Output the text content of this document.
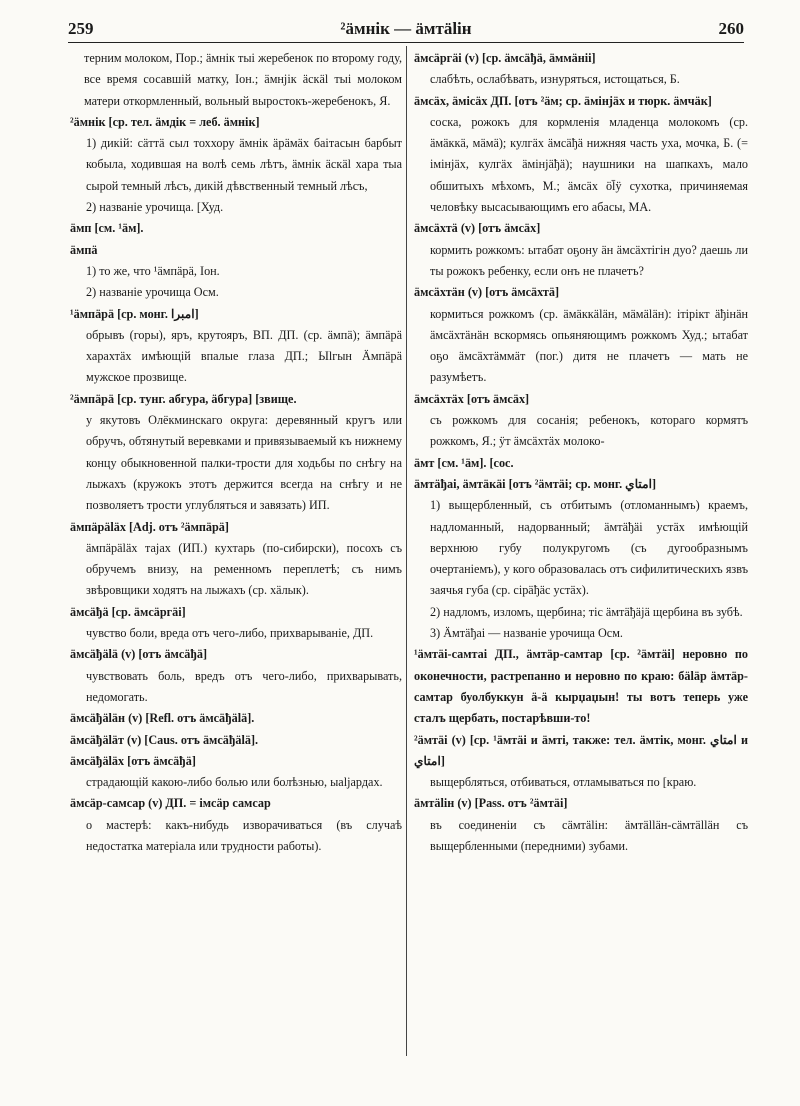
259	²ӓмнік — ӓмтӓlін	260

терним молоком, Пор.; ӓмнік тыі жеребенок по второму году, все время сосавшій матку, Іон.; ӓмнјік ӓскӓl тыі молоком матери откормленный, вольный выростокъ-жеребенокъ, Я.

²ӓмнік [ср. тел. ӓмдік = леб. ӓмнік]

1) дикій: сӓттӓ сыл тоххору ӓмнік ӓрӓмӓх баітасын барбыт кобыла, ходившая на волѣ семь лѣтъ, ӓмнік ӓскӓl хара тыа сырой темный лѣсъ, дикій дѣвственный темный лѣсъ,

2) названіе урочища. [Худ.

ӓмп [см. ¹ӓм].

ӓмпӓ

1) то же, что ¹ӓмпӓрӓ, Іон.

2) названіе урочища Осм.

¹ӓмпӓрӓ [ср. монг. ﺍﻣﺒﺮﺍ]

обрывъ (горы), яръ, крутояръ, ВП. ДП. (ср. ӓмпӓ); ӓмпӓрӓ харахтӓх имѣющій впалые глаза ДП.; Ыlгын Ӓмпӓрӓ мужское прозвище.

²ӓмпӓрӓ [ср. тунг. абгура, ӓбгура] [звище.

у якутовъ Олёкминскаго округа: деревянный кругъ или обручъ, обтянутый веревками и привязываемый къ нижнему концу обыкновенной палки-трости для ходьбы по снѣгу на лыжахъ (кружокъ этотъ держится всегда на снѣгу и не позволяетъ трости углубляться и завязать) ИП.

ӓмпӓрӓlӓх [Adj. отъ ²ӓмпӓрӓ]

ӓмпӓрӓlӓх тајах (ИП.) кухтарь (по-сибирски), посохъ съ обручемъ внизу, на ременномъ переплетѣ; съ нимъ звѣровщики ходятъ на лыжахъ (ср. хӓлык).

ӓмсӓђӓ [ср. ӓмсӓргӓі]

чувство боли, вреда отъ чего-либо, прихварываніе, ДП.

ӓмсӓђӓlӓ (v) [отъ ӓмсӓђӓ]

чувствовать боль, вредъ отъ чего-либо, прихварывать, недомогать.

ӓмсӓђӓlӓн (v) [Refl. отъ ӓмсӓђӓlӓ].

ӓмсӓђӓlӓт (v) [Caus. отъ ӓмсӓђӓlӓ].

ӓмсӓђӓlӓх [отъ ӓмсӓђӓ]

страдающій какою-либо болью или болѣзнью, ыаlјардах.

ӓмсӓр-самсар (v) ДП. = імсӓр самсар

о мастерѣ: какъ-нибудь изворачиваться (въ случаѣ недостатка матеріала или трудности работы).

ӓмсӓргӓі (v) [ср. ӓмсӓђӓ, ӓммӓніі]

слабѣть, ослабѣвать, изнуряться, истощаться, Б.

ӓмсӓх, ӓмісӓх ДП. [отъ ²ӓм; ср. ӓмінјӓх и тюрк. ӓмчӓк]

соска, рожокъ для кормленія младенца молокомъ (ср. ӓмӓккӓ, мӓмӓ); кулгӓх ӓмсӓђӓ нижняя часть уха, мочка, Б. (= імінјӓх, кулгӓх ӓмінјӓђӓ); наушники на шапкахъ, мало обшитыхъ мѣхомъ, М.; ӓмсӓх öl̄ӱ сухотка, причиняемая человѣку высасывающимъ его абасы, МА.

ӓмсӓхтӓ (v) [отъ ӓмсӓх]

кормить рожкомъ: ытабат оҕону ӓн ӓмсӓхтігін дуо? даешь ли ты рожокъ ребенку, если онъ не плачетъ?

ӓмсӓхтӓн (v) [отъ ӓмсӓхтӓ]

кормиться рожкомъ (ср. ӓмӓккӓlӓн, мӓмӓlӓн): ітірікт ӓђінӓн ӓмсӓхтӓнӓн вскормясь опьяняющимъ рожкомъ Худ.; ытабат оҕо ӓмсӓхтӓммӓт (пог.) дитя не плачетъ — мать не разумѣетъ.

ӓмсӓхтӓх [отъ ӓмсӓх]

съ рожкомъ для сосанія; ребенокъ, котораго кормятъ рожкомъ, Я.; ӱт ӓмсӓхтӓх молоко-

ӓмт [см. ¹ӓм]. [сос.

ӓмтӓђаі, ӓмтӓкӓі [отъ ²ӓмтӓі; ср. монг. ﺍﻣﺘﺎﻱ]

1) выщербленный, съ отбитымъ (отломаннымъ) краемъ, надломанный, надорванный; ӓмтӓђӓі устӓх имѣющій верхнюю губу полукругомъ (съ дугообразнымъ очертаніемъ), у кого образовалась отъ сифилитическихъ язвъ заячья губа (ср. сірӓђӓс устӓх).

2) надломъ, изломъ, щербина; тіс ӓмтӓђӓјӓ щербина въ зубѣ.

3) Ӓмтӓђаі — названіе урочища Осм.

¹ӓмтӓі-самтаі ДП., ӓмтӓр-самтар [ср. ²ӓмтӓі] неровно по оконечности, растрепанно и неровно по краю: бӓlӓр ӓмтӓр-самтар буолбуккун ӓ-ӓ кырџаџын! ты вотъ теперь уже сталъ щербать, постарѣвши-то!

²ӓмтӓі (v) [ср. ¹ӓмтӓі и ӓмті, также: тел. ӓмтік, монг. ﺍﻣﺘﺎﻱ и ﺍﻣﺘﺎﻱ]

выщербляться, отбиваться, отламываться по [краю.

ӓмтӓlін (v) [Pass. отъ ²ӓмтӓі]

въ соединеніи съ сӓмтӓlін: ӓмтӓllӓн-сӓмтӓllӓн съ выщербленными (передними) зубами.
